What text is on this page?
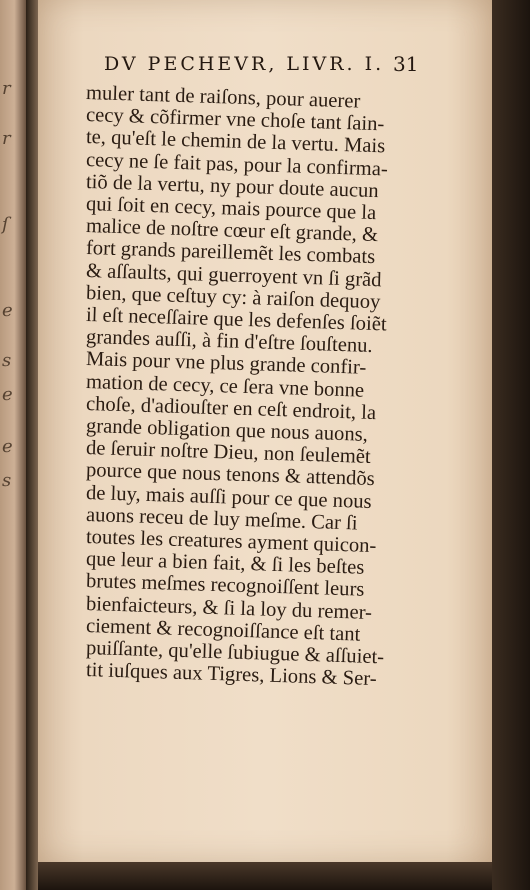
r
r
ſ
e
s
e
e
s
DV PECHEVR, LIVR. I. 31
muler tant de raiſons, pour auerer
cecy & cõfirmer vne choſe tant ſain-
te, qu'eſt le chemin de la vertu. Mais
cecy ne ſe fait pas, pour la confirma-
tiõ de la vertu, ny pour doute aucun
qui ſoit en cecy, mais pource que la
malice de noſtre cœur eſt grande, &
fort grands pareillemẽt les combats
& aſſaults, qui guerroyent vn ſi grãd
bien, que ceſtuy cy: à raiſon dequoy
il eſt neceſſaire que les defenſes ſoiẽt
grandes auſſi, à fin d'eſtre ſouſtenu.
Mais pour vne plus grande confir-
mation de cecy, ce ſera vne bonne
choſe, d'adiouſter en ceſt endroit, la
grande obligation que nous auons,
de ſeruir noſtre Dieu, non ſeulemẽt
pource que nous tenons & attendõs
de luy, mais auſſi pour ce que nous
auons receu de luy meſme. Car ſi
toutes les creatures ayment quicon-
que leur a bien fait, & ſi les beſtes
brutes meſmes recognoiſſent leurs
bienfaicteurs, & ſi la loy du remer-
ciement & recognoiſſance eſt tant
puiſſante, qu'elle ſubiugue & aſſuiet-
tit iuſques aux Tigres, Lions & Ser-
